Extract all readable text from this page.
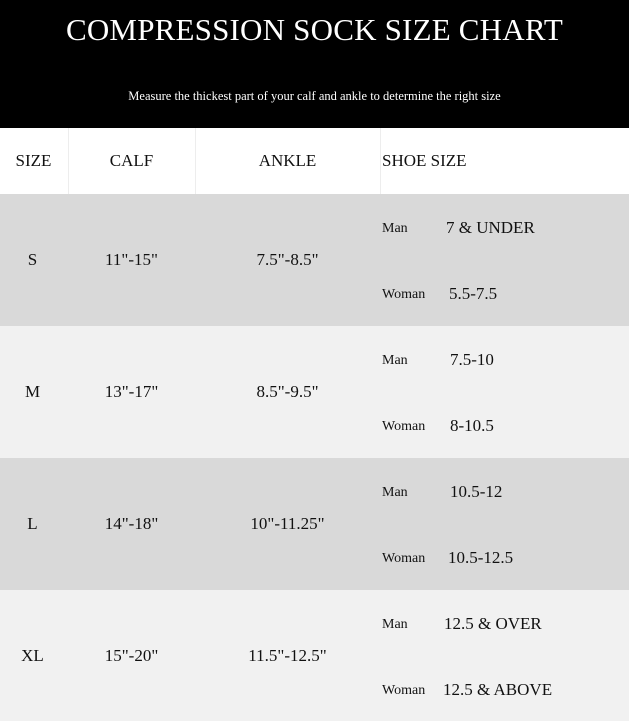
COMPRESSION SOCK SIZE CHART
Measure the thickest part of your calf and ankle to determine the right size
SIZE	CALF	ANKLE	SHOE SIZE
S	11"-15"	7.5"-8.5"
Man 7 & UNDER
Woman 5.5-7.5
M	13"-17"	8.5"-9.5"
Man 7.5-10
Woman 8-10.5
L	14"-18"	10"-11.25"
Man 10.5-12
Woman 10.5-12.5
XL	15"-20"	11.5"-12.5"
Man 12.5 & OVER
Woman 12.5 & ABOVE
